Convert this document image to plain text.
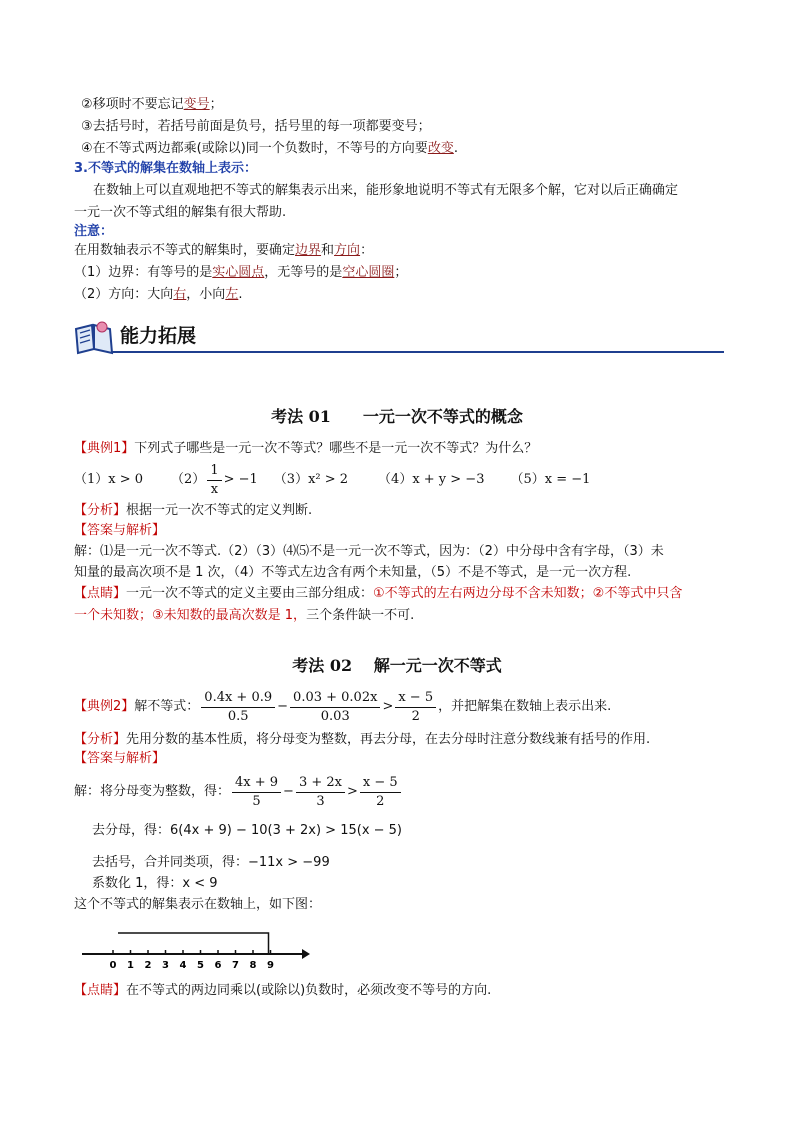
②移项时不要忘记变号；
③去括号时，若括号前面是负号，括号里的每一项都要变号；
④在不等式两边都乘(或除以)同一个负数时，不等号的方向要改变.
3.不等式的解集在数轴上表示：
在数轴上可以直观地把不等式的解集表示出来，能形象地说明不等式有无限多个解，它对以后正确确定
一元一次不等式组的解集有很大帮助.
注意：
在用数轴表示不等式的解集时，要确定边界和方向：
（1）边界：有等号的是实心圆点，无等号的是空心圆圈；
（2）方向：大向右，小向左.
能力拓展
考法 01　　一元一次不等式的概念
【典例1】下列式子哪些是一元一次不等式？哪些不是一元一次不等式？为什么？
（1）x > 0 $(2) \frac{1}{x} > -1$ （3）x² > 2 （4）x + y > −3 （5）x = −1
【分析】根据一元一次不等式的定义判断.
【答案与解析】
解：⑴是一元一次不等式.（2）（3）⑷⑸不是一元一次不等式，因为：（2）中分母中含有字母，（3）未
知量的最高次项不是 1 次，（4）不等式左边含有两个未知量，（5）不是不等式，是一元一次方程.
【点睛】一元一次不等式的定义主要由三部分组成：①不等式的左右两边分母不含未知数；②不等式中只含
一个未知数；③未知数的最高次数是 1，三个条件缺一不可.
考法 02　 解一元一次不等式
【典例2】 解不等式： $\frac{0.4x + 0.9}{0.5} - \frac{0.03 + 0.02x}{0.03} > \frac{x - 5}{2}$ ，并把解集在数轴上表示出来.
【分析】先用分数的基本性质，将分母变为整数，再去分母，在去分母时注意分数线兼有括号的作用.
【答案与解析】
解：将分母变为整数，得： $\frac{4x + 9}{5} - \frac{3 + 2x}{3} > \frac{x - 5}{2}$
去分母，得：6(4x + 9) − 10(3 + 2x) > 15(x − 5)
去括号，合并同类项，得：−11x > −99
系数化 1，得：x < 9
这个不等式的解集表示在数轴上，如下图：
0 1 2 3 4 5 6 7 8 9
【点睛】在不等式的两边同乘以(或除以)负数时，必须改变不等号的方向.
